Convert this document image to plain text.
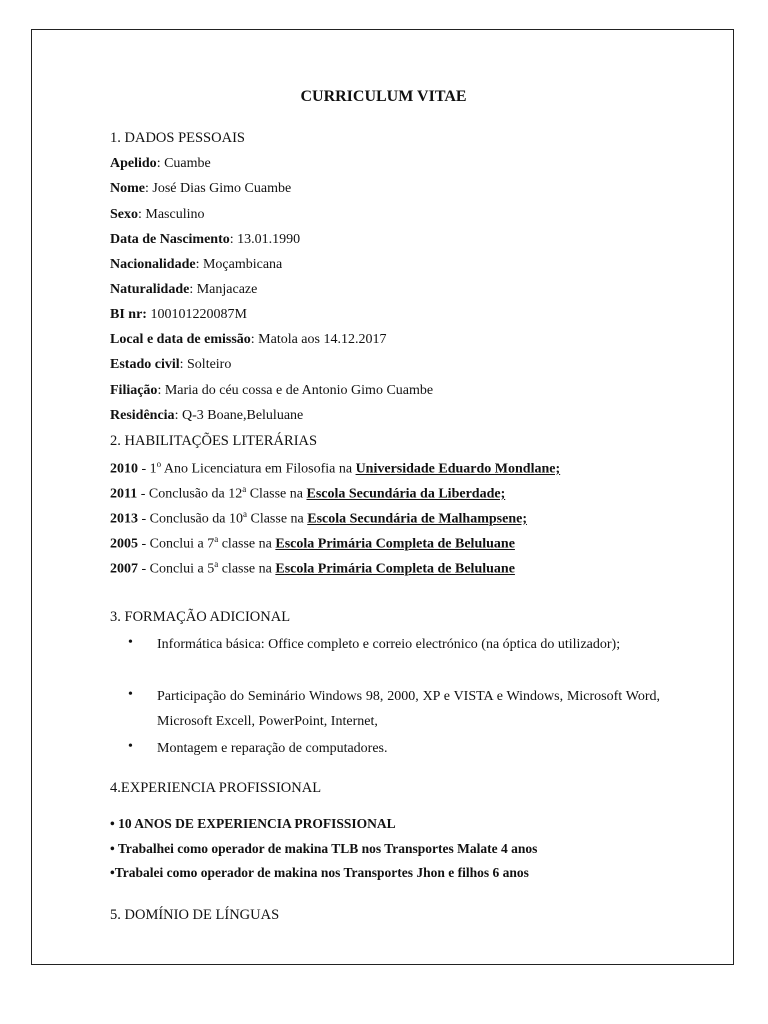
CURRICULUM VITAE
1. DADOS PESSOAIS
Apelido: Cuambe
Nome: José Dias Gimo Cuambe
Sexo: Masculino
Data de Nascimento: 13.01.1990
Nacionalidade: Moçambicana
Naturalidade: Manjacaze
BI nr: 100101220087M
Local e data de emissão: Matola aos 14.12.2017
Estado civil: Solteiro
Filiação: Maria do céu cossa e de Antonio Gimo Cuambe
Residência: Q-3 Boane,Beluluane
2. HABILITAÇÕES LITERÁRIAS
2010 - 1$^o$ Ano Licenciatura em Filosofia na Universidade Eduardo Mondlane;
2011 - Conclusão da 12$^a$ Classe na Escola Secundária da Liberdade;
2013 - Conclusão da 10$^a$ Classe na Escola Secundária de Malhampsene;
2005 - Conclui a 7$^a$ classe na Escola Primária Completa de Beluluane
2007 - Conclui a 5$^a$ classe na Escola Primária Completa de Beluluane
3. FORMAÇÃO ADICIONAL
• Informática básica: Office completo e correio electrónico (na óptica do utilizador);
• Participação do Seminário Windows 98, 2000, XP e VISTA e Windows, Microsoft Word, Microsoft Excell, PowerPoint, Internet,
• Montagem e reparação de computadores.
4.EXPERIENCIA PROFISSIONAL
• 10 ANOS DE EXPERIENCIA PROFISSIONAL
• Trabalhei como operador de makina TLB nos Transportes Malate 4 anos
•Trabalei como operador de makina nos Transportes Jhon e filhos 6 anos
5. DOMÍNIO DE LÍNGUAS
